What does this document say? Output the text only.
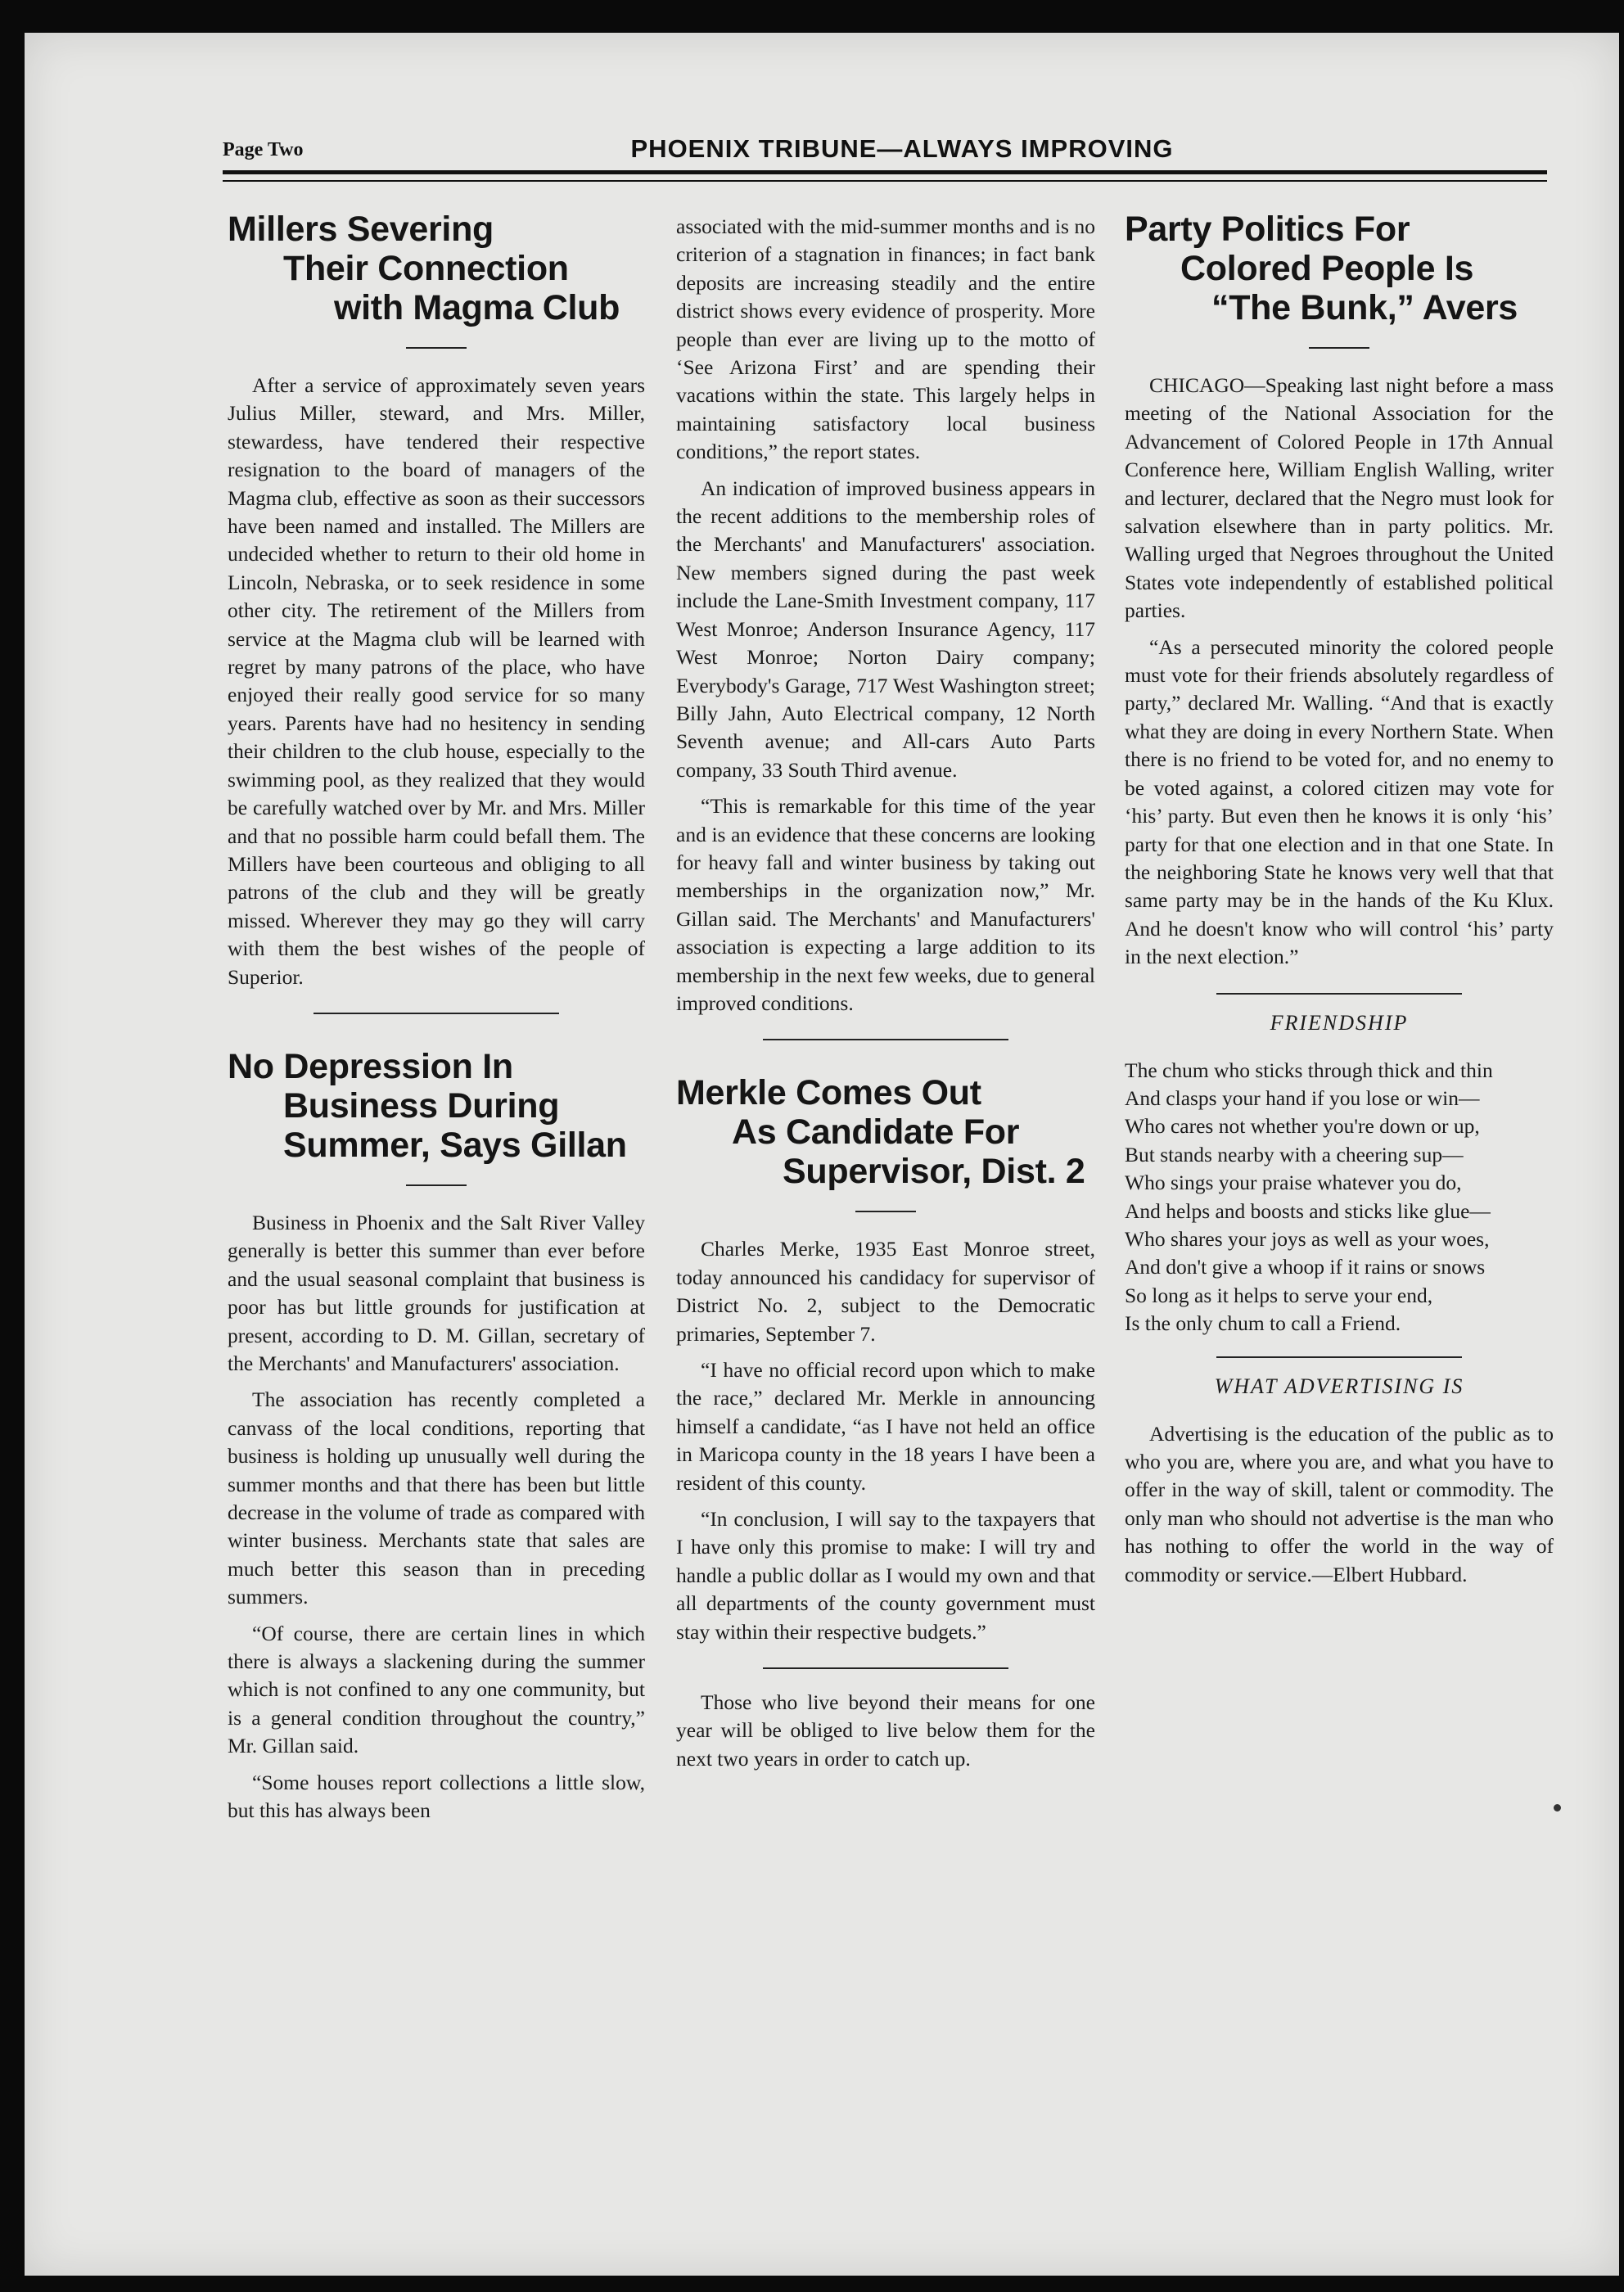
Page Two	PHOENIX TRIBUNE—ALWAYS IMPROVING
Millers Severing
Their Connection
with Magma Club

After a service of approximately seven years Julius Miller, steward, and Mrs. Miller, stewardess, have tendered their respective resignation to the board of managers of the Magma club, effective as soon as their successors have been named and installed. The Millers are undecided whether to return to their old home in Lincoln, Nebraska, or to seek residence in some other city. The retirement of the Millers from service at the Magma club will be learned with regret by many patrons of the place, who have enjoyed their really good service for so many years. Parents have had no hesitency in sending their children to the club house, especially to the swimming pool, as they realized that they would be carefully watched over by Mr. and Mrs. Miller and that no possible harm could befall them. The Millers have been courteous and obliging to all patrons of the club and they will be greatly missed. Wherever they may go they will carry with them the best wishes of the people of Superior.

No Depression In
Business During
Summer, Says Gillan

Business in Phoenix and the Salt River Valley generally is better this summer than ever before and the usual seasonal complaint that business is poor has but little grounds for justification at present, according to D. M. Gillan, secretary of the Merchants' and Manufacturers' association.

The association has recently completed a canvass of the local conditions, reporting that business is holding up unusually well during the summer months and that there has been but little decrease in the volume of trade as compared with winter business. Merchants state that sales are much better this season than in preceding summers.

“Of course, there are certain lines in which there is always a slackening during the summer which is not confined to any one community, but is a general condition throughout the country,” Mr. Gillan said.

“Some houses report collections a little slow, but this has always been

associated with the mid-summer months and is no criterion of a stagnation in finances; in fact bank deposits are increasing steadily and the entire district shows every evidence of prosperity. More people than ever are living up to the motto of ‘See Arizona First’ and are spending their vacations within the state. This largely helps in maintaining satisfactory local business conditions,” the report states.

An indication of improved business appears in the recent additions to the membership roles of the Merchants' and Manufacturers' association. New members signed during the past week include the Lane-Smith Investment company, 117 West Monroe; Anderson Insurance Agency, 117 West Monroe; Norton Dairy company; Everybody's Garage, 717 West Washington street; Billy Jahn, Auto Electrical company, 12 North Seventh avenue; and All-cars Auto Parts company, 33 South Third avenue.

“This is remarkable for this time of the year and is an evidence that these concerns are looking for heavy fall and winter business by taking out memberships in the organization now,” Mr. Gillan said. The Merchants' and Manufacturers' association is expecting a large addition to its membership in the next few weeks, due to general improved conditions.

Merkle Comes Out
As Candidate For
Supervisor, Dist. 2

Charles Merke, 1935 East Monroe street, today announced his candidacy for supervisor of District No. 2, subject to the Democratic primaries, September 7.

“I have no official record upon which to make the race,” declared Mr. Merkle in announcing himself a candidate, “as I have not held an office in Maricopa county in the 18 years I have been a resident of this county.

“In conclusion, I will say to the taxpayers that I have only this promise to make: I will try and handle a public dollar as I would my own and that all departments of the county government must stay within their respective budgets.”

Those who live beyond their means for one year will be obliged to live below them for the next two years in order to catch up.

Party Politics For
Colored People Is
“The Bunk,” Avers

CHICAGO—Speaking last night before a mass meeting of the National Association for the Advancement of Colored People in 17th Annual Conference here, William English Walling, writer and lecturer, declared that the Negro must look for salvation elsewhere than in party politics. Mr. Walling urged that Negroes throughout the United States vote independently of established political parties.

“As a persecuted minority the colored people must vote for their friends absolutely regardless of party,” declared Mr. Walling. “And that is exactly what they are doing in every Northern State. When there is no friend to be voted for, and no enemy to be voted against, a colored citizen may vote for ‘his’ party. But even then he knows it is only ‘his’ party for that one election and in that one State. In the neighboring State he knows very well that that same party may be in the hands of the Ku Klux. And he doesn't know who will control ‘his’ party in the next election.”

FRIENDSHIP
The chum who sticks through thick and thin
And clasps your hand if you lose or win—
Who cares not whether you're down or up,
But stands nearby with a cheering sup—
Who sings your praise whatever you do,
And helps and boosts and sticks like glue—
Who shares your joys as well as your woes,
And don't give a whoop if it rains or snows
So long as it helps to serve your end,
Is the only chum to call a Friend.
WHAT ADVERTISING IS

Advertising is the education of the public as to who you are, where you are, and what you have to offer in the way of skill, talent or commodity. The only man who should not advertise is the man who has nothing to offer the world in the way of commodity or service.—Elbert Hubbard.
